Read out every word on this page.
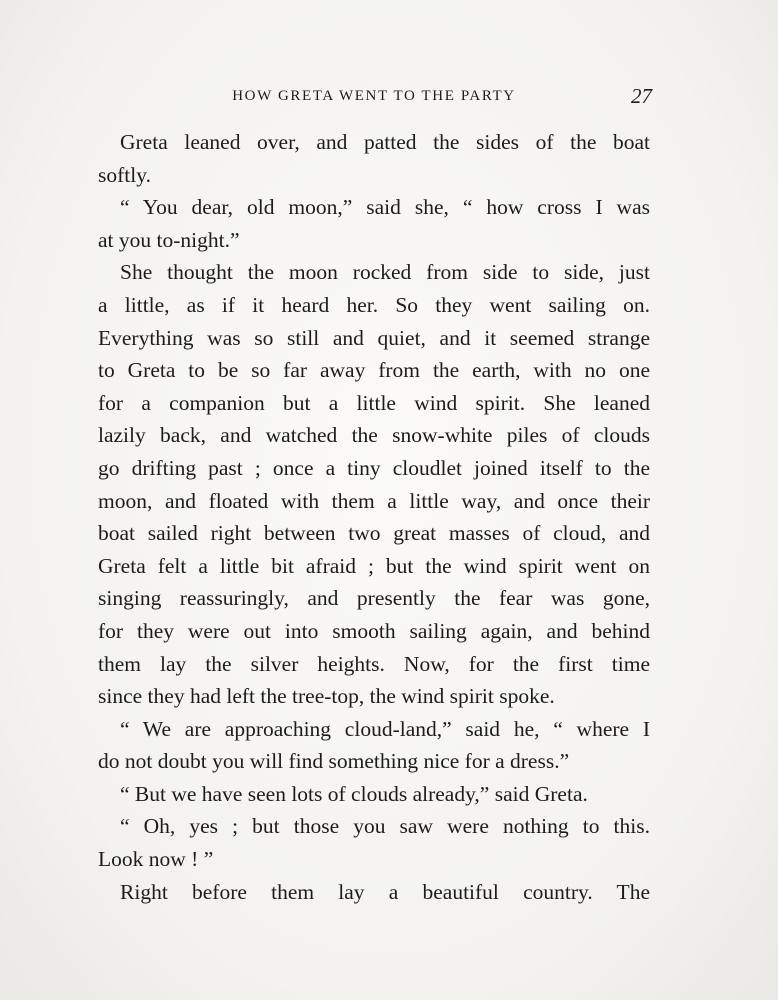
HOW GRETA WENT TO THE PARTY	27
Greta leaned over, and patted the sides of the boat
softly.
“ You dear, old moon,” said she, “ how cross I was
at you to-night.”
She thought the moon rocked from side to side, just
a little, as if it heard her. So they went sailing on.
Everything was so still and quiet, and it seemed strange
to Greta to be so far away from the earth, with no one
for a companion but a little wind spirit. She leaned
lazily back, and watched the snow-white piles of clouds
go drifting past ; once a tiny cloudlet joined itself to the
moon, and floated with them a little way, and once their
boat sailed right between two great masses of cloud, and
Greta felt a little bit afraid ; but the wind spirit went on
singing reassuringly, and presently the fear was gone,
for they were out into smooth sailing again, and behind
them lay the silver heights. Now, for the first time
since they had left the tree-top, the wind spirit spoke.
“ We are approaching cloud-land,” said he, “ where I
do not doubt you will find something nice for a dress.”
“ But we have seen lots of clouds already,” said Greta.
“ Oh, yes ; but those you saw were nothing to this.
Look now ! ”
Right before them lay a beautiful country. The
